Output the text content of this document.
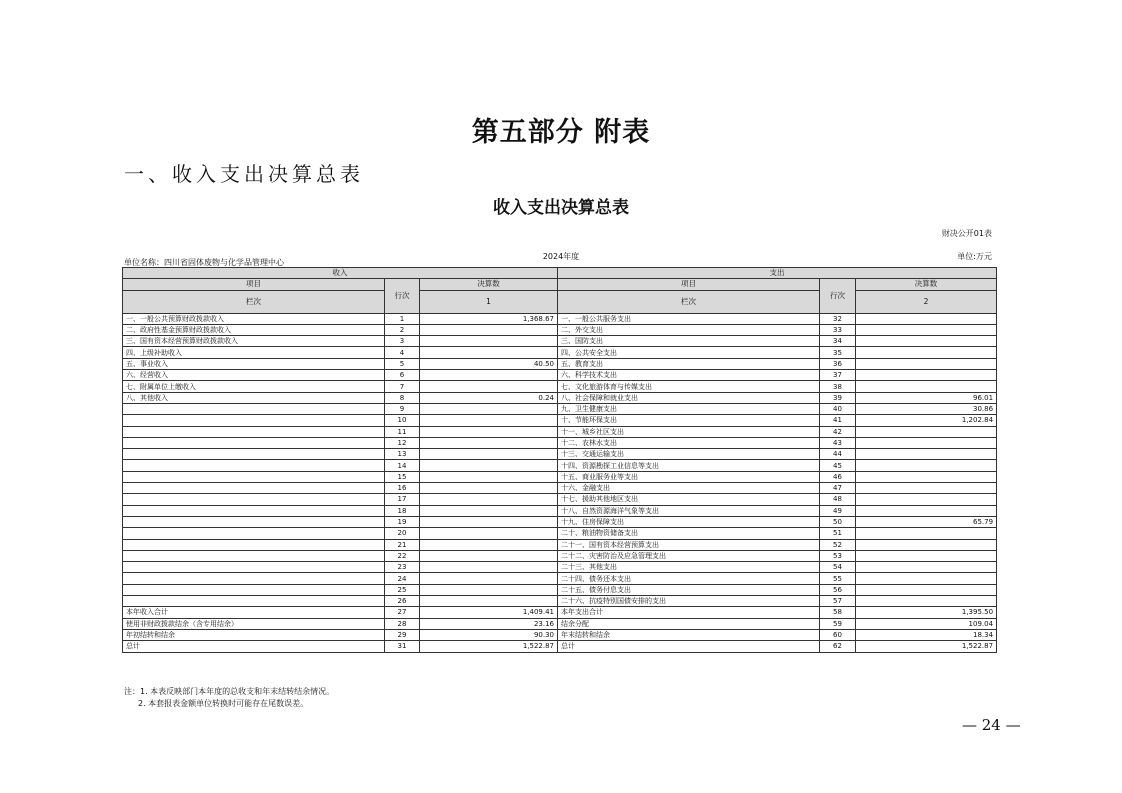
第五部分 附表
一、收入支出决算总表
收入支出决算总表
财决公开01表
2024年度
单位名称：四川省固体废物与化学品管理中心
单位:万元
收入			支出		
项目	行次	决算数	项目	行次	决算数
栏次		1	栏次		2
一、一般公共预算财政拨款收入	1	1,368.67	一、一般公共服务支出	32	
二、政府性基金预算财政拨款收入	2		二、外交支出	33	
三、国有资本经营预算财政拨款收入	3		三、国防支出	34	
四、上级补助收入	4		四、公共安全支出	35	
五、事业收入	5	40.50	五、教育支出	36	
六、经营收入	6		六、科学技术支出	37	
七、附属单位上缴收入	7		七、文化旅游体育与传媒支出	38	
八、其他收入	8	0.24	八、社会保障和就业支出	39	96.01
	9		九、卫生健康支出	40	30.86
	10		十、节能环保支出	41	1,202.84
	11		十一、城乡社区支出	42	
	12		十二、农林水支出	43	
	13		十三、交通运输支出	44	
	14		十四、资源勘探工业信息等支出	45	
	15		十五、商业服务业等支出	46	
	16		十六、金融支出	47	
	17		十七、援助其他地区支出	48	
	18		十八、自然资源海洋气象等支出	49	
	19		十九、住房保障支出	50	65.79
	20		二十、粮油物资储备支出	51	
	21		二十一、国有资本经营预算支出	52	
	22		二十二、灾害防治及应急管理支出	53	
	23		二十三、其他支出	54	
	24		二十四、债务还本支出	55	
	25		二十五、债务付息支出	56	
	26		二十六、抗疫特别国债安排的支出	57	
本年收入合计	27	1,409.41	本年支出合计	58	1,395.50
使用非财政拨款结余（含专用结余）	28	23.16	结余分配	59	109.04
年初结转和结余	29	90.30	年末结转和结余	60	18.34
总计	31	1,522.87	总计	62	1,522.87
注：1. 本表反映部门本年度的总收支和年末结转结余情况。
2. 本套报表金额单位转换时可能存在尾数误差。
— 24 —
